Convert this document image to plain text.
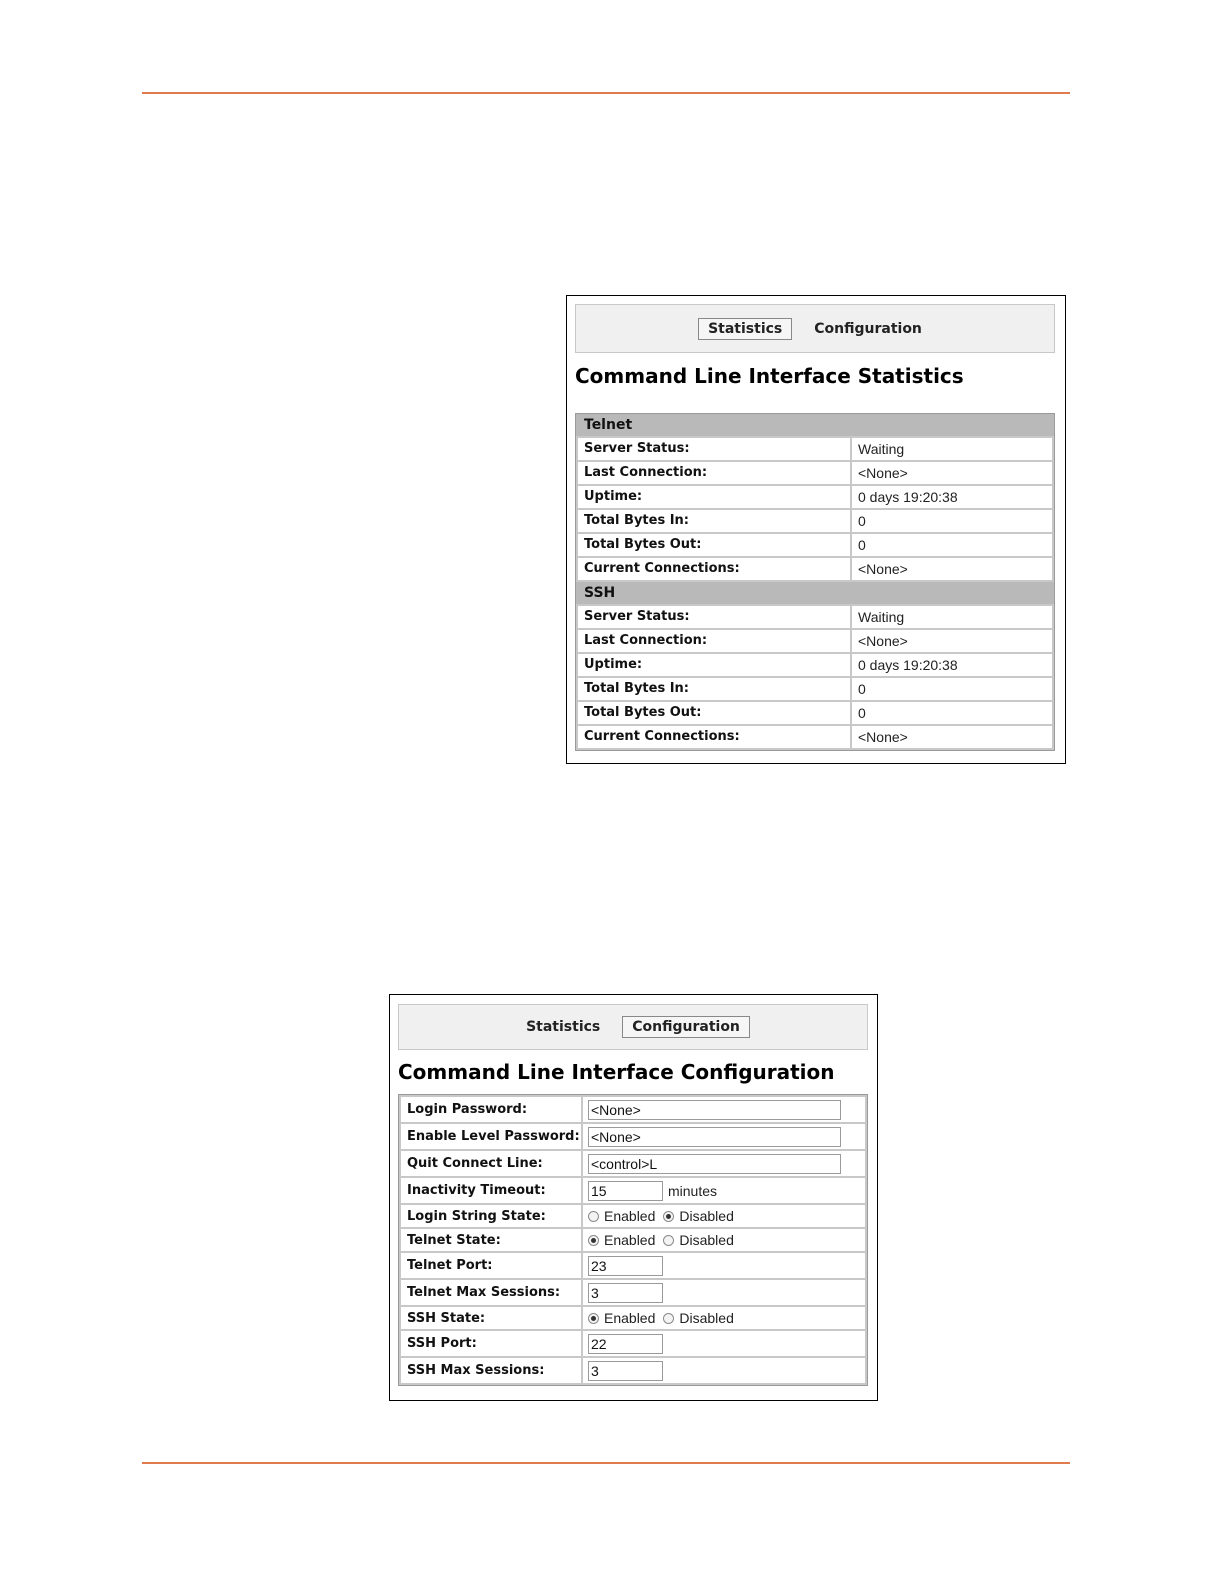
Statistics	Configuration
Command Line Interface Statistics
Telnet
Server Status:	Waiting
Last Connection:	<None>
Uptime:	0 days 19:20:38
Total Bytes In:	0
Total Bytes Out:	0
Current Connections:	<None>
SSH
Server Status:	Waiting
Last Connection:	<None>
Uptime:	0 days 19:20:38
Total Bytes In:	0
Total Bytes Out:	0
Current Connections:	<None>
Statistics	Configuration
Command Line Interface Configuration
Login Password:	<None>
Enable Level Password: <None>
Quit Connect Line:	<control>L
Inactivity Timeout:	15	minutes
Login String State:	Enabled Disabled
Telnet State:	Enabled Disabled
Telnet Port:	23
Telnet Max Sessions:	3
SSH State:	Enabled Disabled
SSH Port:	22
SSH Max Sessions:	3
